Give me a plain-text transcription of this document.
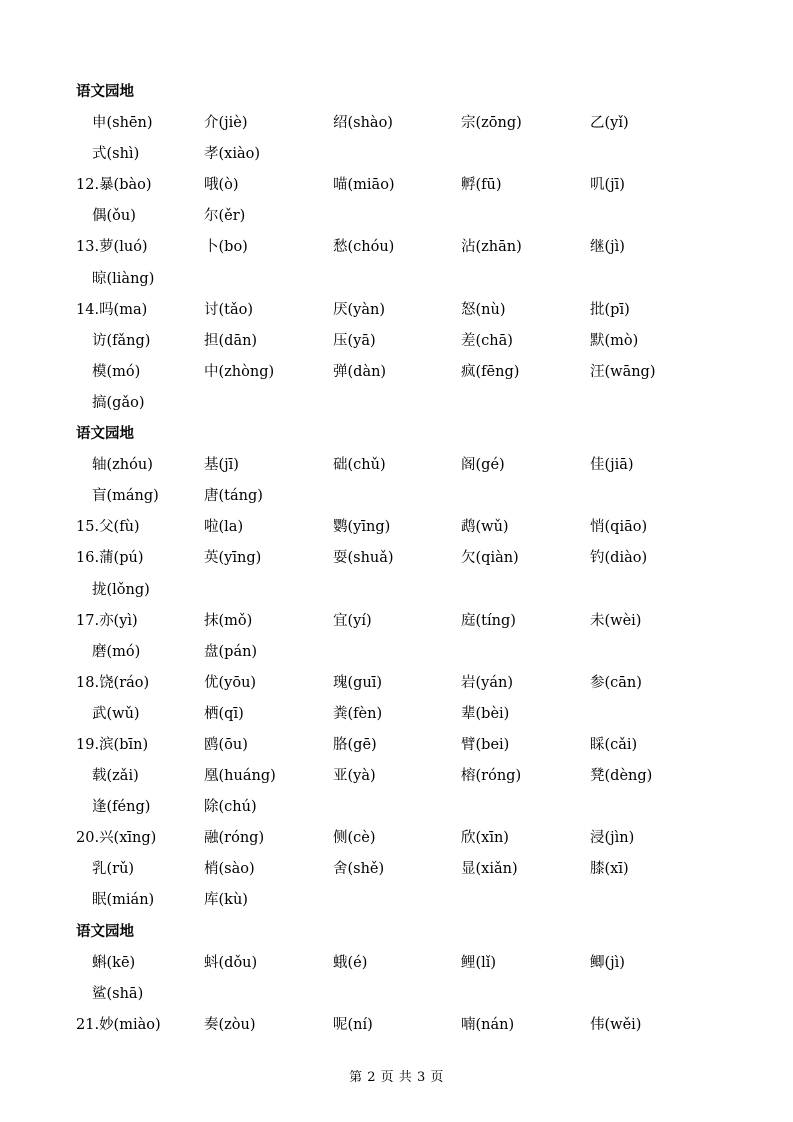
语文园地
申(shēn)	介(jiè)	绍(shào)	宗(zōng)	乙(yǐ)
式(shì)	孝(xiào)
12.暴(bào)	哦(ò)	喵(miāo)	孵(fū)	叽(jī)
偶(ǒu)	尔(ěr)
13.萝(luó)	卜(bo)	愁(chóu)	沾(zhān)	继(jì)
晾(liàng)
14.吗(ma)	讨(tǎo)	厌(yàn)	怒(nù)	批(pī)
访(fǎng)	担(dān)	压(yā)	差(chā)	默(mò)
模(mó)	中(zhòng)	弹(dàn)	疯(fēng)	汪(wāng)
搞(gǎo)
语文园地
轴(zhóu)	基(jī)	础(chǔ)	阁(gé)	佳(jiā)
盲(máng)	唐(táng)
15.父(fù)	啦(la)	鹦(yīng)	鹉(wǔ)	悄(qiāo)
16.蒲(pú)	英(yīng)	耍(shuǎ)	欠(qiàn)	钓(diào)
拢(lǒng)
17.亦(yì)	抹(mǒ)	宜(yí)	庭(tíng)	未(wèi)
磨(mó)	盘(pán)
18.饶(ráo)	优(yōu)	瑰(guī)	岩(yán)	参(cān)
武(wǔ)	栖(qī)	粪(fèn)	辈(bèi)
19.滨(bīn)	鸥(ōu)	胳(gē)	臂(bei)	睬(cǎi)
载(zǎi)	凰(huáng)	亚(yà)	榕(róng)	凳(dèng)
逢(féng)	除(chú)
20.兴(xīng)	融(róng)	侧(cè)	欣(xīn)	浸(jìn)
乳(rǔ)	梢(sào)	舍(shě)	显(xiǎn)	膝(xī)
眠(mián)	库(kù)
语文园地
蝌(kē)	蚪(dǒu)	蛾(é)	鲤(lǐ)	鲫(jì)
鲨(shā)
21.妙(miào)	奏(zòu)	呢(ní)	喃(nán)	伟(wěi)
第 2 页 共 3 页
